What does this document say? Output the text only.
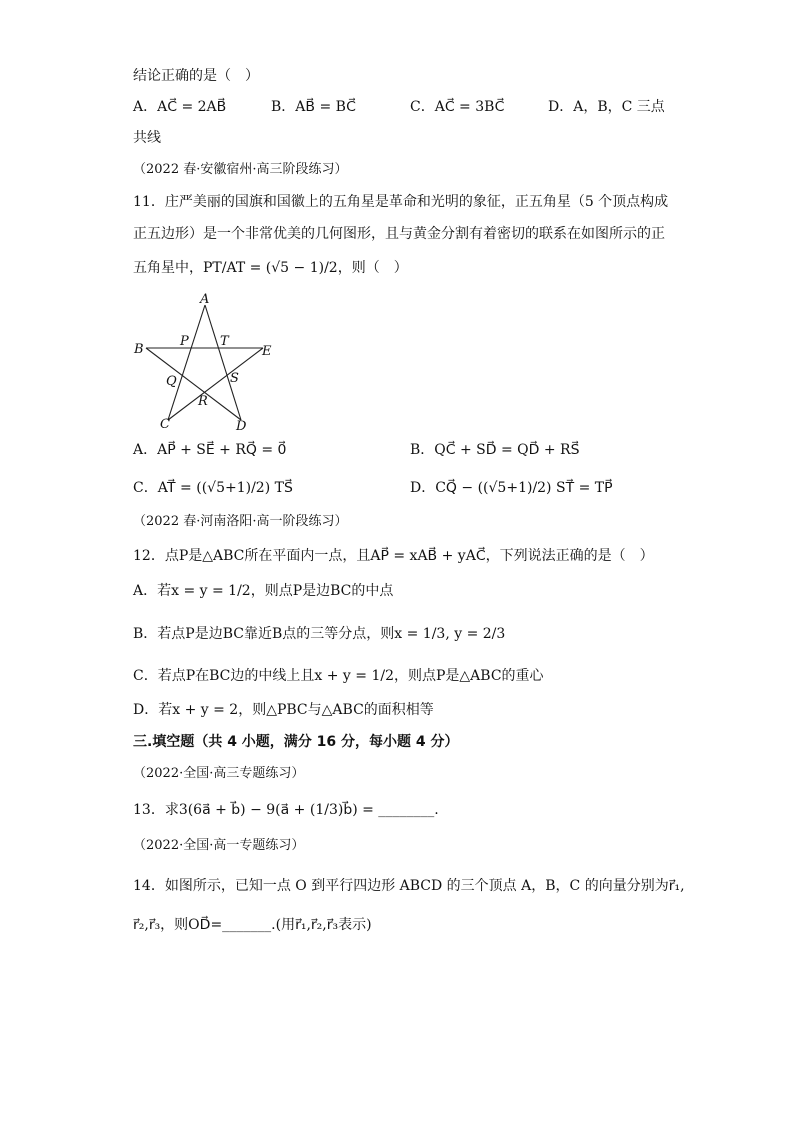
结论正确的是（　）
A．AC⃗ = 2AB⃗	B．AB⃗ = BC⃗	C．AC⃗ = 3BC⃗	D．A，B，C 三点
共线
（2022 春·安徽宿州·高三阶段练习）
11．庄严美丽的国旗和国徽上的五角星是革命和光明的象征，正五角星（5 个顶点构成
正五边形）是一个非常优美的几何图形，且与黄金分割有着密切的联系在如图所示的正
五角星中，PT/AT = (√5 − 1)/2，则（　）
A
B	E
P T
Q	S
R
C	D
A．AP⃗ + SE⃗ + RQ⃗ = 0⃗	B．QC⃗ + SD⃗ = QD⃗ + RS⃗
C．AT⃗ = ((√5+1)/2) TS⃗	D．CQ⃗ − ((√5+1)/2) ST⃗ = TP⃗
（2022 春·河南洛阳·高一阶段练习）
12．点P是△ABC所在平面内一点，且AP⃗ = xAB⃗ + yAC⃗，下列说法正确的是（　）
A．若x = y = 1/2，则点P是边BC的中点
B．若点P是边BC靠近B点的三等分点，则x = 1/3, y = 2/3
C．若点P在BC边的中线上且x + y = 1/2，则点P是△ABC的重心
D．若x + y = 2，则△PBC与△ABC的面积相等
三.填空题（共 4 小题，满分 16 分，每小题 4 分）
（2022·全国·高三专题练习）
13．求3(6a⃗ + b⃗) − 9(a⃗ + (1/3)b⃗) = ________.
（2022·全国·高一专题练习）
14．如图所示，已知一点 O 到平行四边形 ABCD 的三个顶点 A，B，C 的向量分别为r⃗₁,
r⃗₂,r⃗₃，则OD⃗=_______.(用r⃗₁,r⃗₂,r⃗₃表示)
